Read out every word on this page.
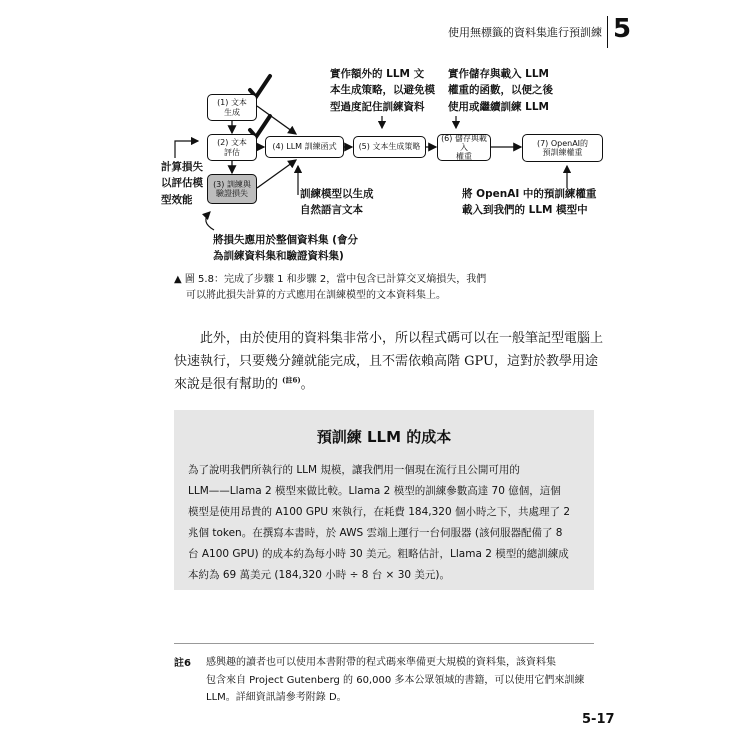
使用無標籤的資料集進行預訓練 5
(1) 文本
生成
(2) 文本
評估
(3) 訓練與
驗證損失
(4) LLM 訓練函式	(5) 文本生成策略
(6) 儲存與載入
權重
(7) OpenAI的
預訓練權重
計算損失
以評估模
型效能	訓練模型以生成
自然語言文本
實作額外的 LLM 文
本生成策略，以避免模
型過度記住訓練資料
實作儲存與載入 LLM
權重的函數，以便之後
使用或繼續訓練 LLM
將 OpenAI 中的預訓練權重
載入到我們的 LLM 模型中
將損失應用於整個資料集 (會分
為訓練資料集和驗證資料集)
▲ 圖 5.8：完成了步驟 1 和步驟 2，當中包含已計算交叉熵損失，我們
可以將此損失計算的方式應用在訓練模型的文本資料集上。
此外，由於使用的資料集非常小，所以程式碼可以在一般筆記型電腦上
快速執行，只要幾分鐘就能完成，且不需依賴高階 GPU，這對於教學用途
來說是很有幫助的 $^{(註6)}$。
預訓練 LLM 的成本
為了說明我們所執行的 LLM 規模，讓我們用一個現在流行且公開可用的
LLM——Llama 2 模型來做比較。Llama 2 模型的訓練參數高達 70 億個，這個
模型是使用昂貴的 A100 GPU 來執行，在耗費 184,320 個小時之下，共處理了 2
兆個 token。在撰寫本書時，於 AWS 雲端上運行一台伺服器 (該伺服器配備了 8
台 A100 GPU) 的成本約為每小時 30 美元。粗略估計，Llama 2 模型的總訓練成
本約為 69 萬美元 (184,320 小時 ÷ 8 台 × 30 美元)。
註6 感興趣的讀者也可以使用本書附帶的程式碼來準備更大規模的資料集，該資料集
包含來自 Project Gutenberg 的 60,000 多本公眾領域的書籍，可以使用它們來訓練
LLM。詳細資訊請參考附錄 D。
5-17
